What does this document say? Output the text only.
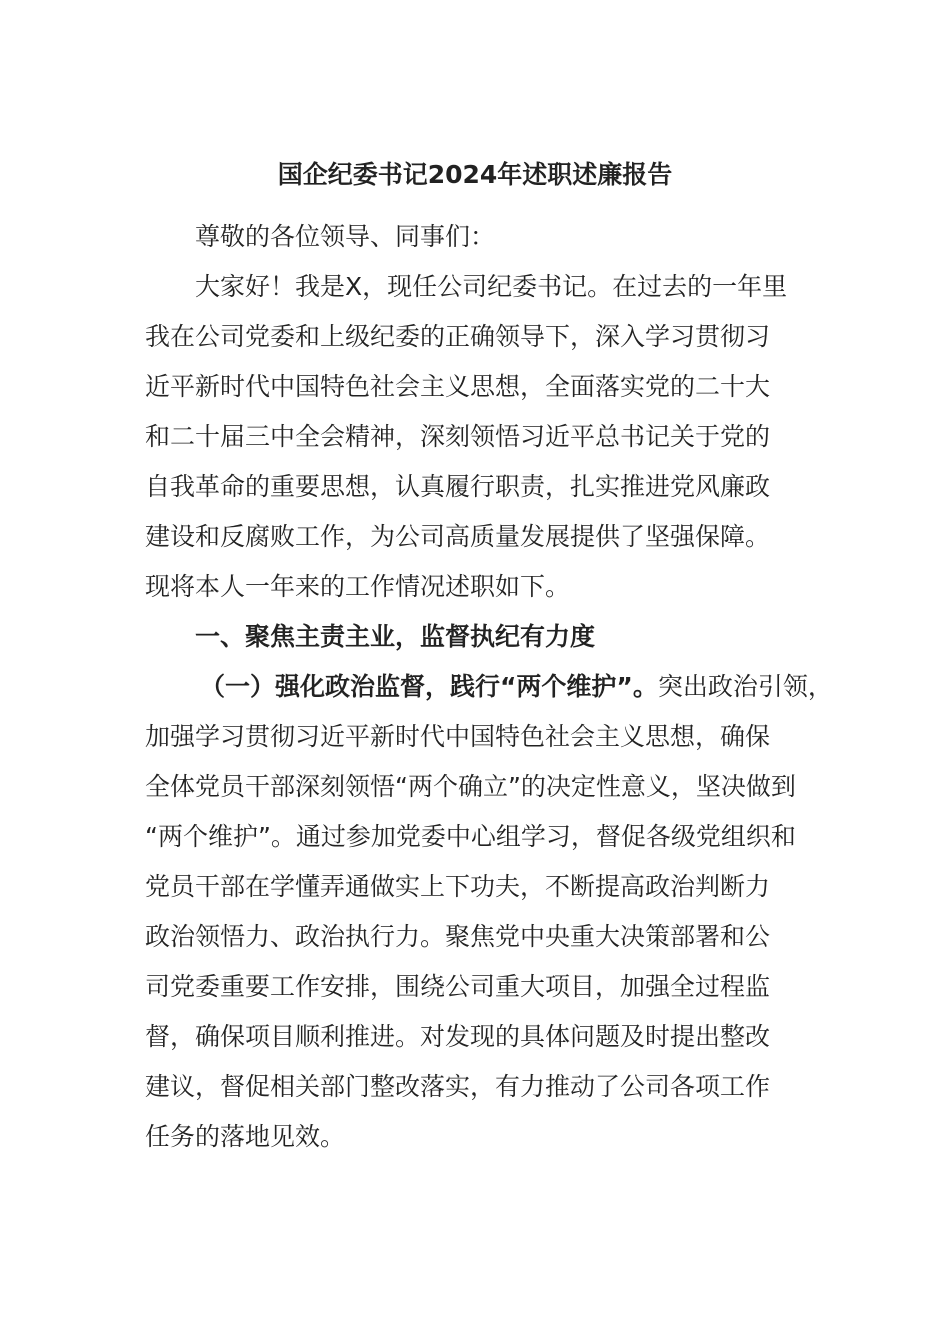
国企纪委书记2024年述职述廉报告
尊敬的各位领导、同事们：
大家好！我是X，现任公司纪委书记。在过去的一年里
我在公司党委和上级纪委的正确领导下，深入学习贯彻习
近平新时代中国特色社会主义思想，全面落实党的二十大
和二十届三中全会精神，深刻领悟习近平总书记关于党的
自我革命的重要思想，认真履行职责，扎实推进党风廉政
建设和反腐败工作，为公司高质量发展提供了坚强保障。
现将本人一年来的工作情况述职如下。
一、聚焦主责主业，监督执纪有力度
（一）强化政治监督，践行“两个维护”。突出政治引领，
加强学习贯彻习近平新时代中国特色社会主义思想，确保
全体党员干部深刻领悟“两个确立”的决定性意义，坚决做到
“两个维护”。通过参加党委中心组学习，督促各级党组织和
党员干部在学懂弄通做实上下功夫，不断提高政治判断力
政治领悟力、政治执行力。聚焦党中央重大决策部署和公
司党委重要工作安排，围绕公司重大项目，加强全过程监
督，确保项目顺利推进。对发现的具体问题及时提出整改
建议，督促相关部门整改落实，有力推动了公司各项工作
任务的落地见效。
